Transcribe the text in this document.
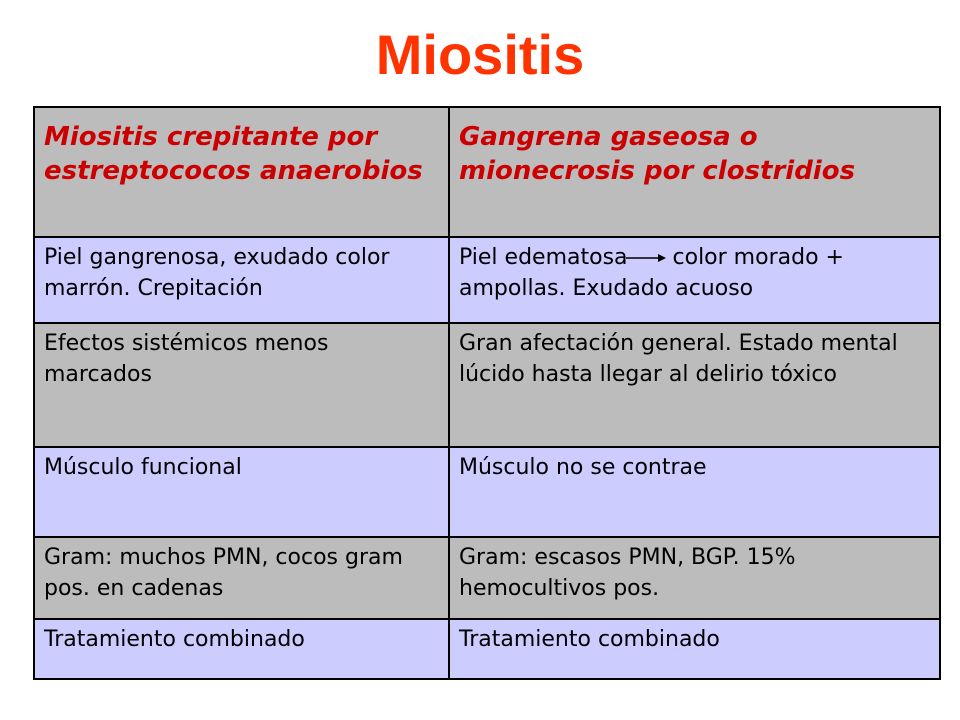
Miositis
Miositis crepitante por estreptococos anaerobios	Gangrena gaseosa o mionecrosis por clostridios
Piel gangrenosa, exudado color marrón. Crepitación	Piel edematosa color morado + ampollas. Exudado acuoso
Efectos sistémicos menos marcados	Gran afectación general. Estado mental lúcido hasta llegar al delirio tóxico
Músculo funcional	Músculo no se contrae
Gram: muchos PMN, cocos gram pos. en cadenas	Gram: escasos PMN, BGP. 15% hemocultivos pos.
Tratamiento combinado	Tratamiento combinado
